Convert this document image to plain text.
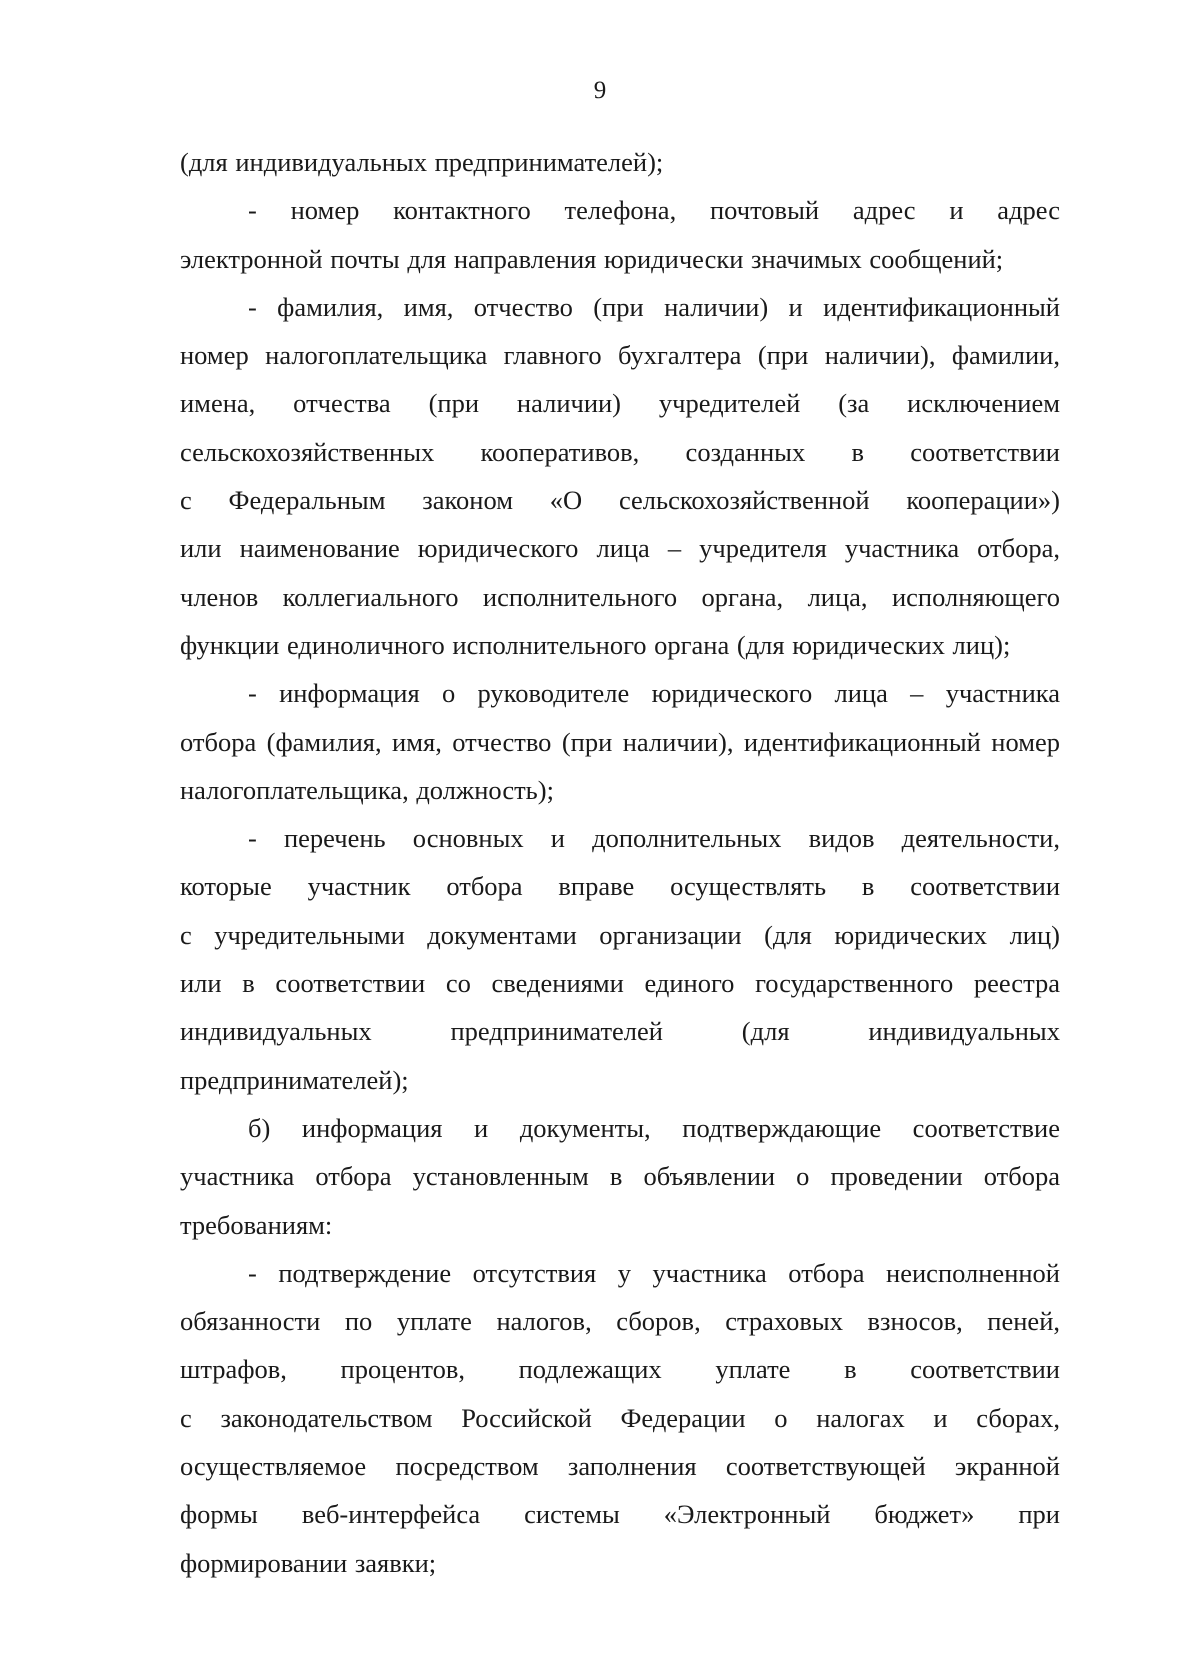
9
(для индивидуальных предпринимателей);
- номер контактного телефона, почтовый адрес и адрес
электронной почты для направления юридически значимых сообщений;
- фамилия, имя, отчество (при наличии) и идентификационный
номер налогоплательщика главного бухгалтера (при наличии), фамилии,
имена, отчества (при наличии) учредителей (за исключением
сельскохозяйственных кооперативов, созданных в соответствии
с Федеральным законом «О сельскохозяйственной кооперации»)
или наименование юридического лица – учредителя участника отбора,
членов коллегиального исполнительного органа, лица, исполняющего
функции единоличного исполнительного органа (для юридических лиц);
- информация о руководителе юридического лица – участника
отбора (фамилия, имя, отчество (при наличии), идентификационный номер
налогоплательщика, должность);
- перечень основных и дополнительных видов деятельности,
которые участник отбора вправе осуществлять в соответствии
с учредительными документами организации (для юридических лиц)
или в соответствии со сведениями единого государственного реестра
индивидуальных предпринимателей (для индивидуальных
предпринимателей);
б) информация и документы, подтверждающие соответствие
участника отбора установленным в объявлении о проведении отбора
требованиям:
- подтверждение отсутствия у участника отбора неисполненной
обязанности по уплате налогов, сборов, страховых взносов, пеней,
штрафов, процентов, подлежащих уплате в соответствии
с законодательством Российской Федерации о налогах и сборах,
осуществляемое посредством заполнения соответствующей экранной
формы веб-интерфейса системы «Электронный бюджет» при
формировании заявки;
